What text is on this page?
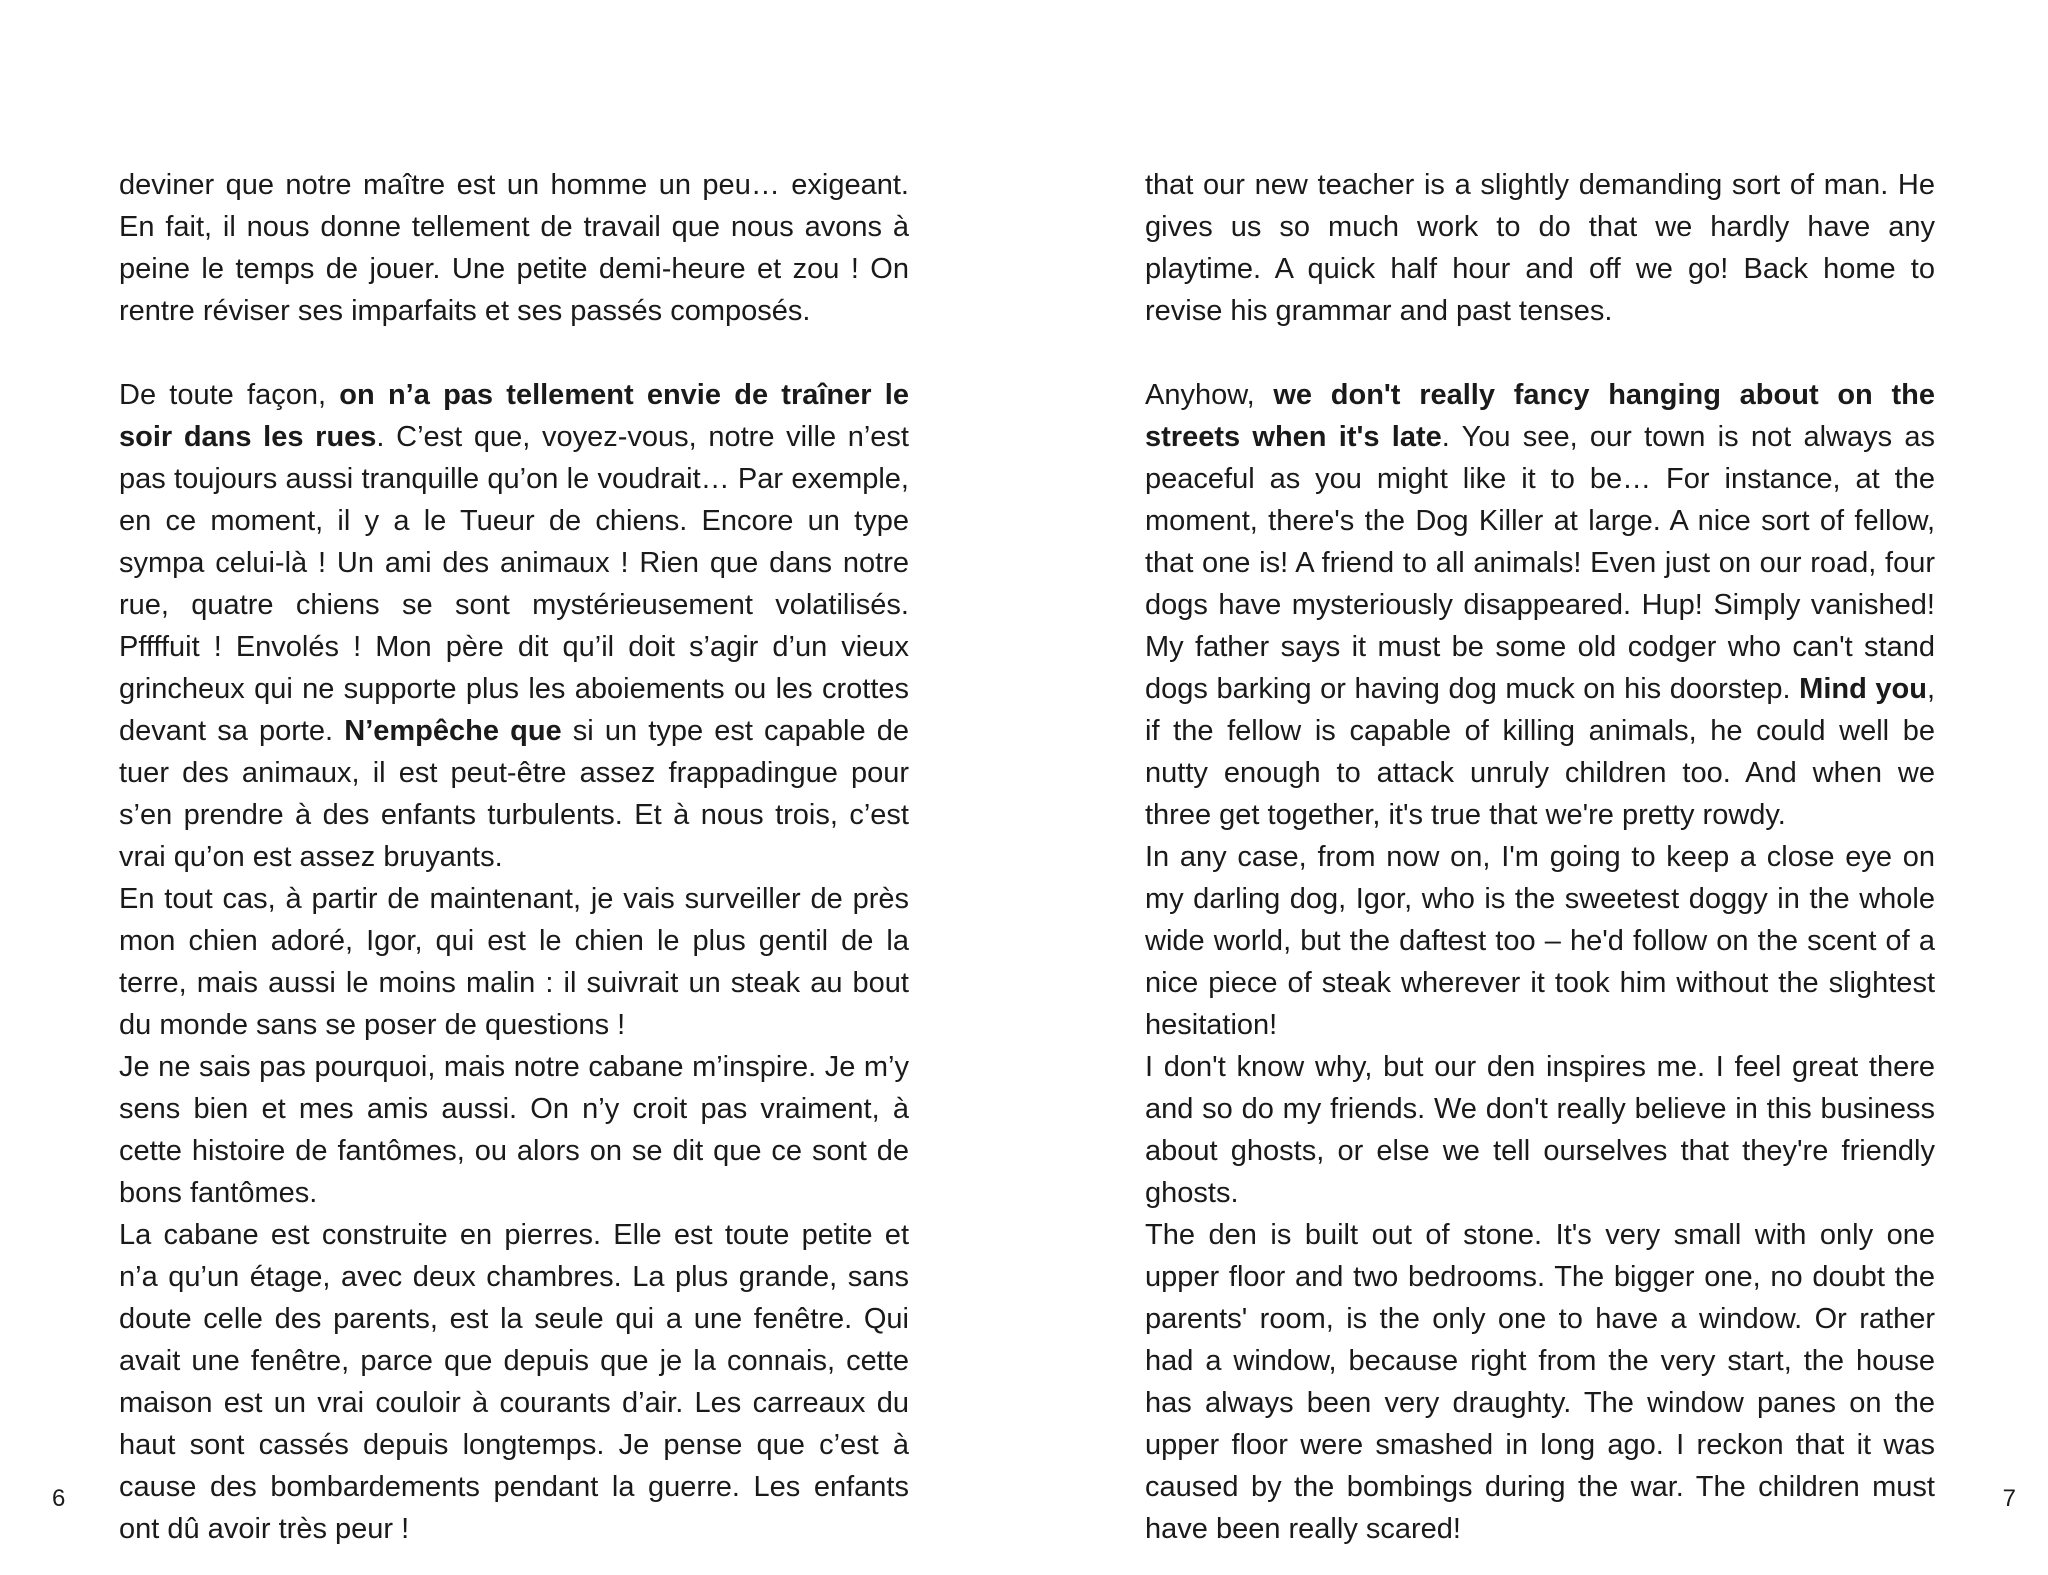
deviner que notre maître est un homme un peu… exigeant. En fait, il nous donne tellement de travail que nous avons à peine le temps de jouer. Une petite demi-heure et zou ! On rentre réviser ses imparfaits et ses passés composés.

De toute façon, on n’a pas tellement envie de traîner le soir dans les rues. C’est que, voyez-vous, notre ville n’est pas toujours aussi tranquille qu’on le voudrait… Par exemple, en ce moment, il y a le Tueur de chiens. Encore un type sympa celui-là ! Un ami des animaux ! Rien que dans notre rue, quatre chiens se sont mystérieusement volatilisés. Pffffuit ! Envolés ! Mon père dit qu’il doit s’agir d’un vieux grincheux qui ne supporte plus les aboiements ou les crottes devant sa porte. N’empêche que si un type est capable de tuer des animaux, il est peut-être assez frappadingue pour s’en prendre à des enfants turbulents. Et à nous trois, c’est vrai qu’on est assez bruyants.

En tout cas, à partir de maintenant, je vais surveiller de près mon chien adoré, Igor, qui est le chien le plus gentil de la terre, mais aussi le moins malin : il suivrait un steak au bout du monde sans se poser de questions !

Je ne sais pas pourquoi, mais notre cabane m’inspire. Je m’y sens bien et mes amis aussi. On n’y croit pas vraiment, à cette histoire de fantômes, ou alors on se dit que ce sont de bons fantômes.

La cabane est construite en pierres. Elle est toute petite et n’a qu’un étage, avec deux chambres. La plus grande, sans doute celle des parents, est la seule qui a une fenêtre. Qui avait une fenêtre, parce que depuis que je la connais, cette maison est un vrai couloir à courants d’air. Les carreaux du haut sont cassés depuis longtemps. Je pense que c’est à cause des bombardements pendant la guerre. Les enfants ont dû avoir très peur !

6

that our new teacher is a slightly demanding sort of man. He gives us so much work to do that we hardly have any playtime. A quick half hour and off we go! Back home to revise his grammar and past tenses.

Anyhow, we don't really fancy hanging about on the streets when it's late. You see, our town is not always as peaceful as you might like it to be… For instance, at the moment, there's the Dog Killer at large. A nice sort of fellow, that one is! A friend to all animals! Even just on our road, four dogs have mysteriously disappeared. Hup! Simply vanished! My father says it must be some old codger who can't stand dogs barking or having dog muck on his doorstep. Mind you, if the fellow is capable of killing animals, he could well be nutty enough to attack unruly children too. And when we three get together, it's true that we're pretty rowdy.

In any case, from now on, I'm going to keep a close eye on my darling dog, Igor, who is the sweetest doggy in the whole wide world, but the daftest too – he'd follow on the scent of a nice piece of steak wherever it took him without the slightest hesitation!

I don't know why, but our den inspires me. I feel great there and so do my friends. We don't really believe in this business about ghosts, or else we tell ourselves that they're friendly ghosts.

The den is built out of stone. It's very small with only one upper floor and two bedrooms. The bigger one, no doubt the parents' room, is the only one to have a window. Or rather had a window, because right from the very start, the house has always been very draughty. The window panes on the upper floor were smashed in long ago. I reckon that it was caused by the bombings during the war. The children must have been really scared!

7
